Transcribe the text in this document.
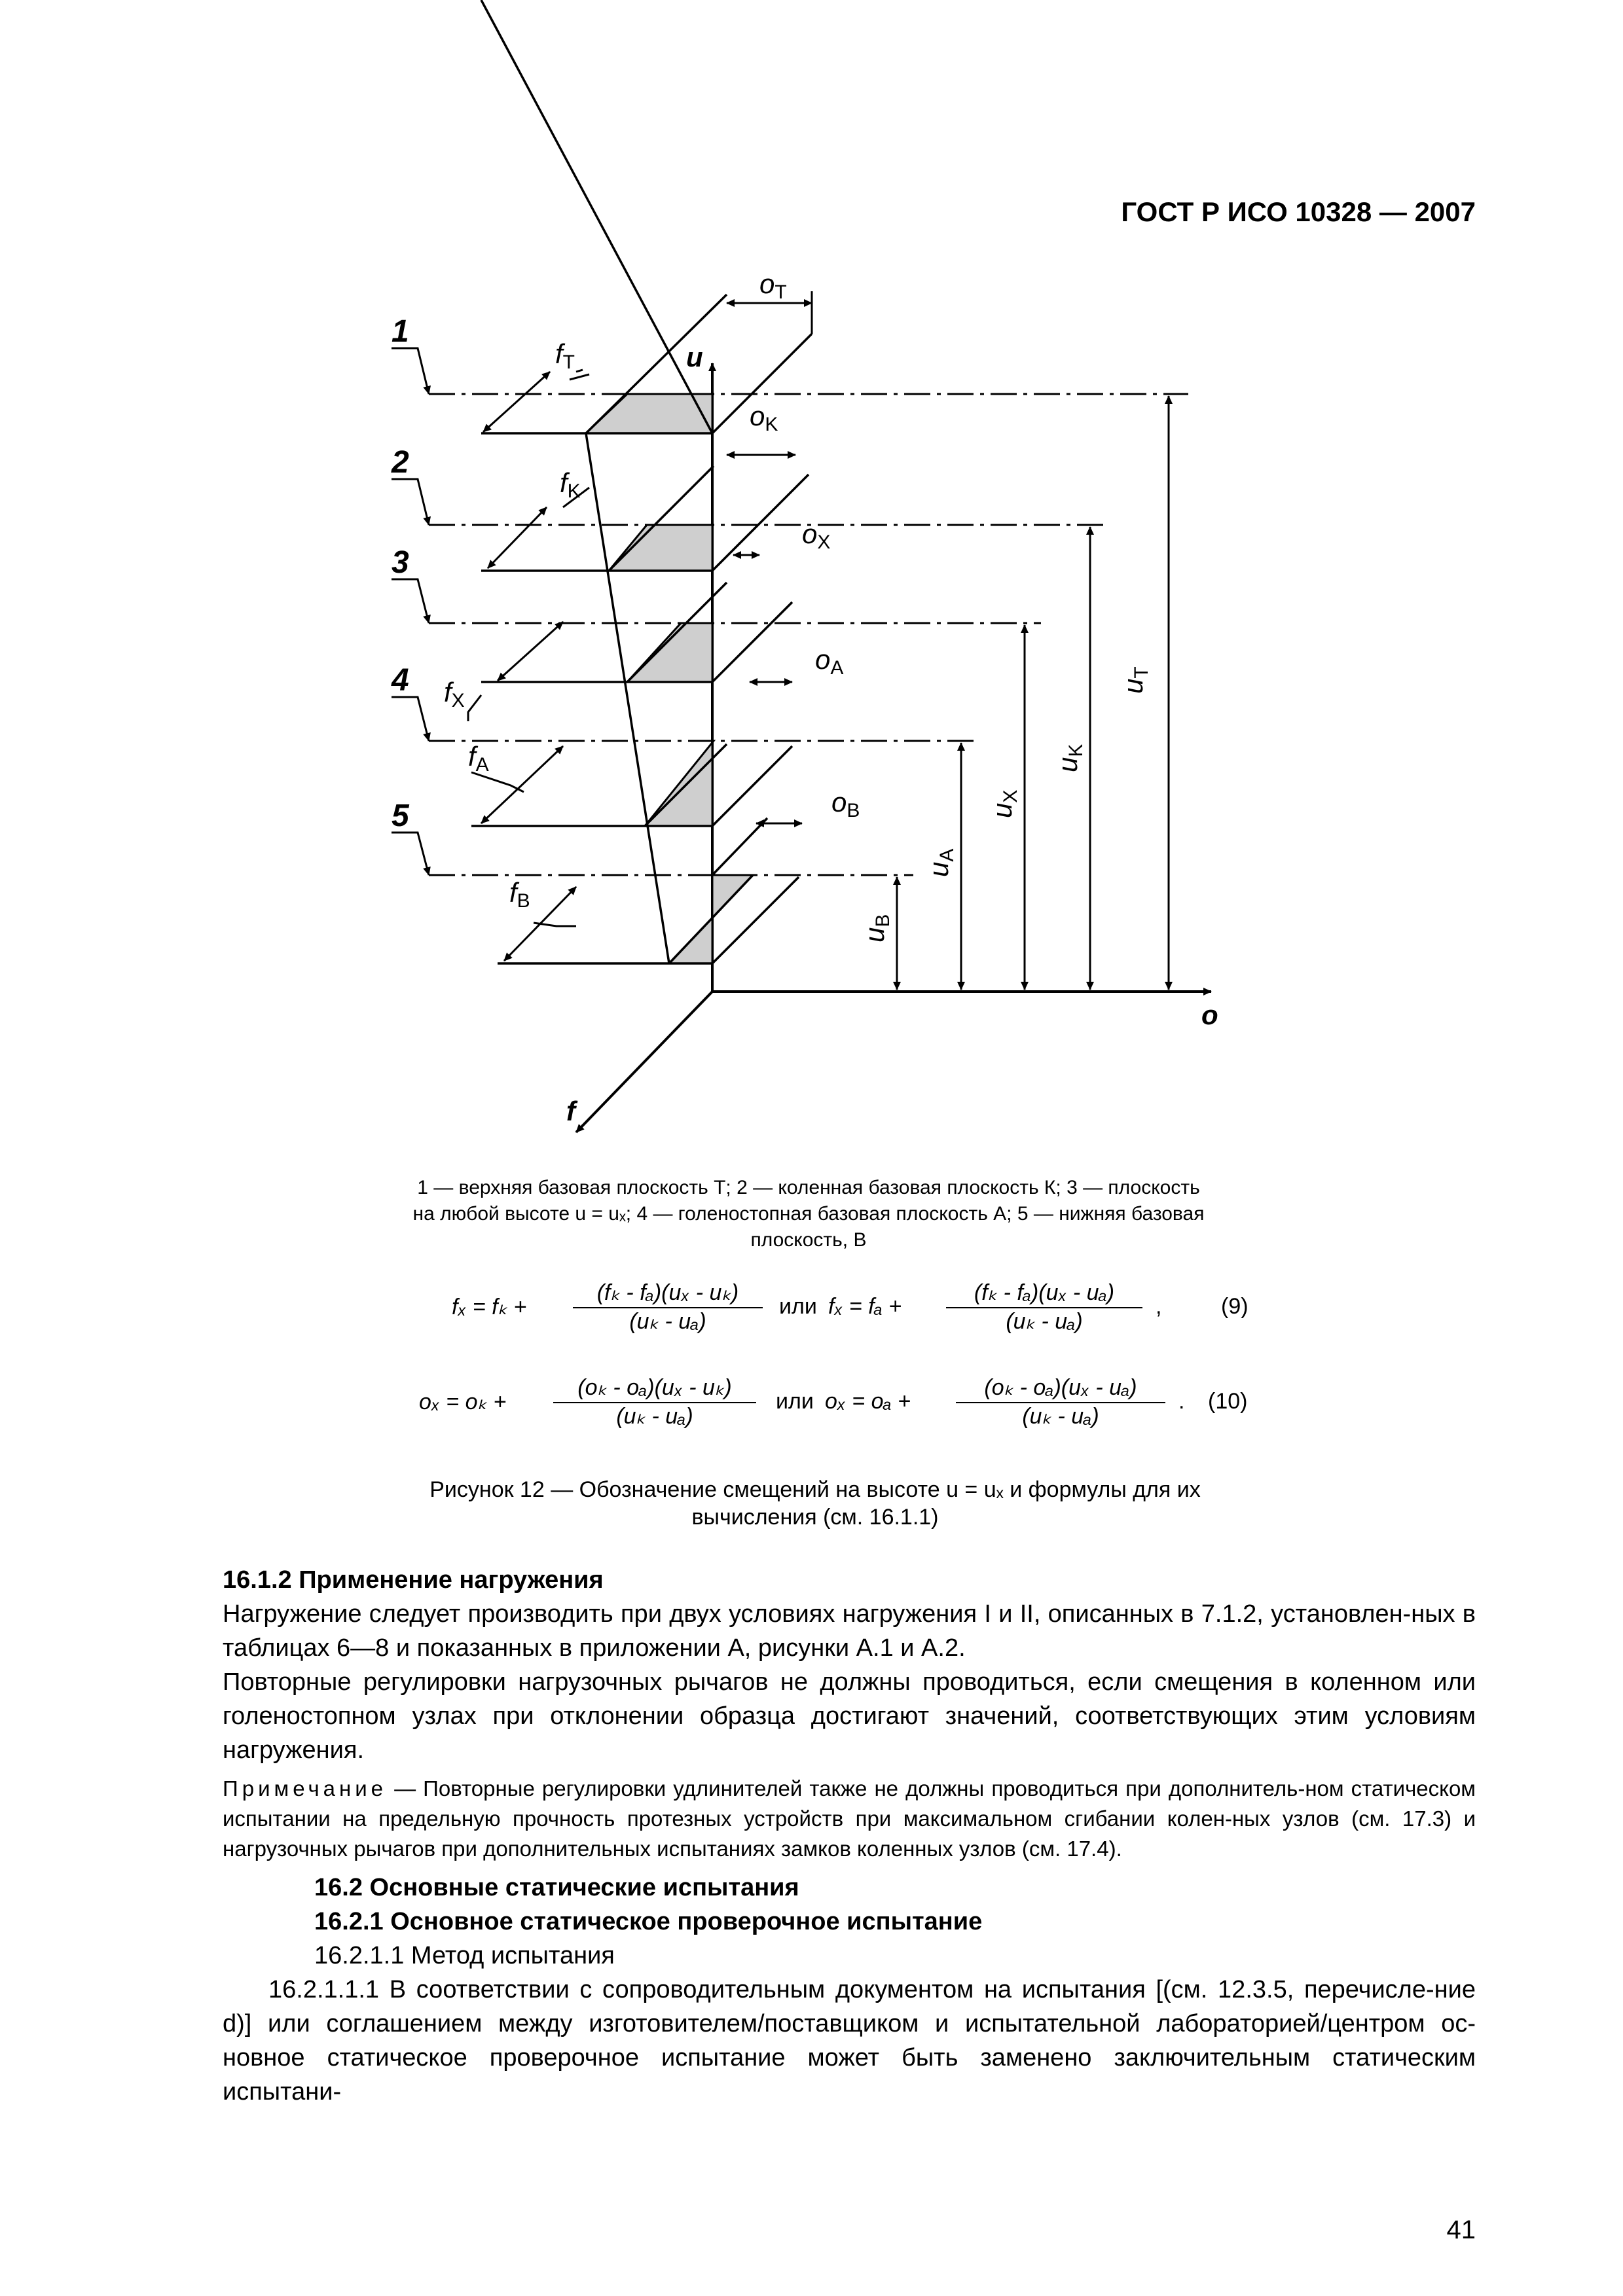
ГОСТ Р ИСО 10328 — 2007
u
o
f
1
2
3
4
5
fT
fK
fX
fA
fB
oT
oK
oX
oA
oB
uT
uK
uX
uA
uB
1 — верхняя базовая плоскость Т; 2 — коленная базовая плоскость К; 3 — плоскость
на любой высоте u = uₓ; 4 — голеностопная базовая плоскость А; 5 — нижняя базовая
плоскость, В
fₓ = fₖ +
(fₖ - fₐ)(uₓ - uₖ)
(uₖ - uₐ)
или fₓ = fₐ +
(fₖ - fₐ)(uₓ - uₐ)
(uₖ - uₐ)
,	(9)
oₓ = oₖ +
(oₖ - oₐ)(uₓ - uₖ)
(uₖ - uₐ)
или oₓ = oₐ +
(oₖ - oₐ)(uₓ - uₐ)
(uₖ - uₐ)
. (10)
Рисунок 12 — Обозначение смещений на высоте u = uₓ и формулы для их
вычисления (см. 16.1.1)

16.1.2 Применение нагружения

Нагружение следует производить при двух условиях нагружения I и II, описанных в 7.1.2, установлен-ных в таблицах 6—8 и показанных в приложении А, рисунки А.1 и А.2.

Повторные регулировки нагрузочных рычагов не должны проводиться, если смещения в коленном или голеностопном узлах при отклонении образца достигают значений, соответствующих этим условиям нагружения.

Примечание — Повторные регулировки удлинителей также не должны проводиться при дополнитель-ном статическом испытании на предельную прочность протезных устройств при максимальном сгибании колен-ных узлов (см. 17.3) и нагрузочных рычагов при дополнительных испытаниях замков коленных узлов (см. 17.4).

16.2 Основные статические испытания

16.2.1 Основное статическое проверочное испытание

16.2.1.1 Метод испытания

16.2.1.1.1 В соответствии с сопроводительным документом на испытания [(см. 12.3.5, перечисле-ние d)] или соглашением между изготовителем/поставщиком и испытательной лабораторией/центром ос-новное статическое проверочное испытание может быть заменено заключительным статическим испытани-

41
